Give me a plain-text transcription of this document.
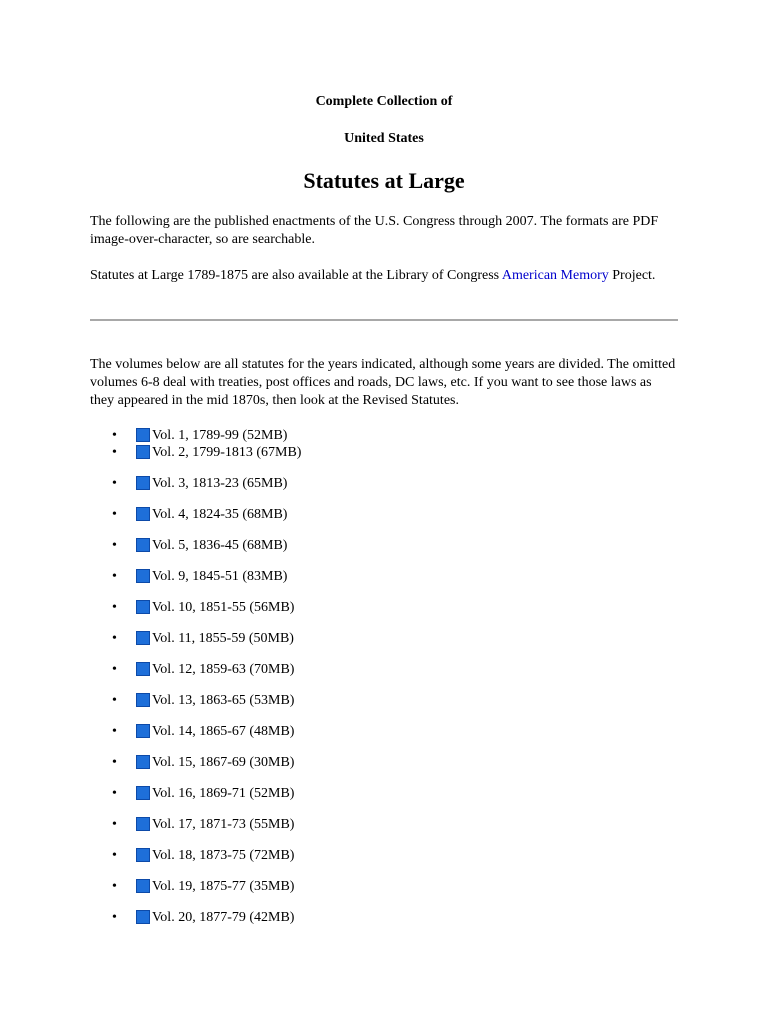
Complete Collection of
United States
Statutes at Large

The following are the published enactments of the U.S. Congress through 2007. The formats are PDF image-over-character, so are searchable.

Statutes at Large 1789-1875 are also available at the Library of Congress American Memory Project.

The volumes below are all statutes for the years indicated, although some years are divided. The omitted volumes 6-8 deal with treaties, post offices and roads, DC laws, etc. If you want to see those laws as they appeared in the mid 1870s, then look at the Revised Statutes.

•	Vol. 1, 1789-99 (52MB)
•	Vol. 2, 1799-1813 (67MB)
•	Vol. 3, 1813-23 (65MB)
•	Vol. 4, 1824-35 (68MB)
•	Vol. 5, 1836-45 (68MB)
•	Vol. 9, 1845-51 (83MB)
•	Vol. 10, 1851-55 (56MB)
•	Vol. 11, 1855-59 (50MB)
•	Vol. 12, 1859-63 (70MB)
•	Vol. 13, 1863-65 (53MB)
•	Vol. 14, 1865-67 (48MB)
•	Vol. 15, 1867-69 (30MB)
•	Vol. 16, 1869-71 (52MB)
•	Vol. 17, 1871-73 (55MB)
•	Vol. 18, 1873-75 (72MB)
•	Vol. 19, 1875-77 (35MB)
•	Vol. 20, 1877-79 (42MB)
